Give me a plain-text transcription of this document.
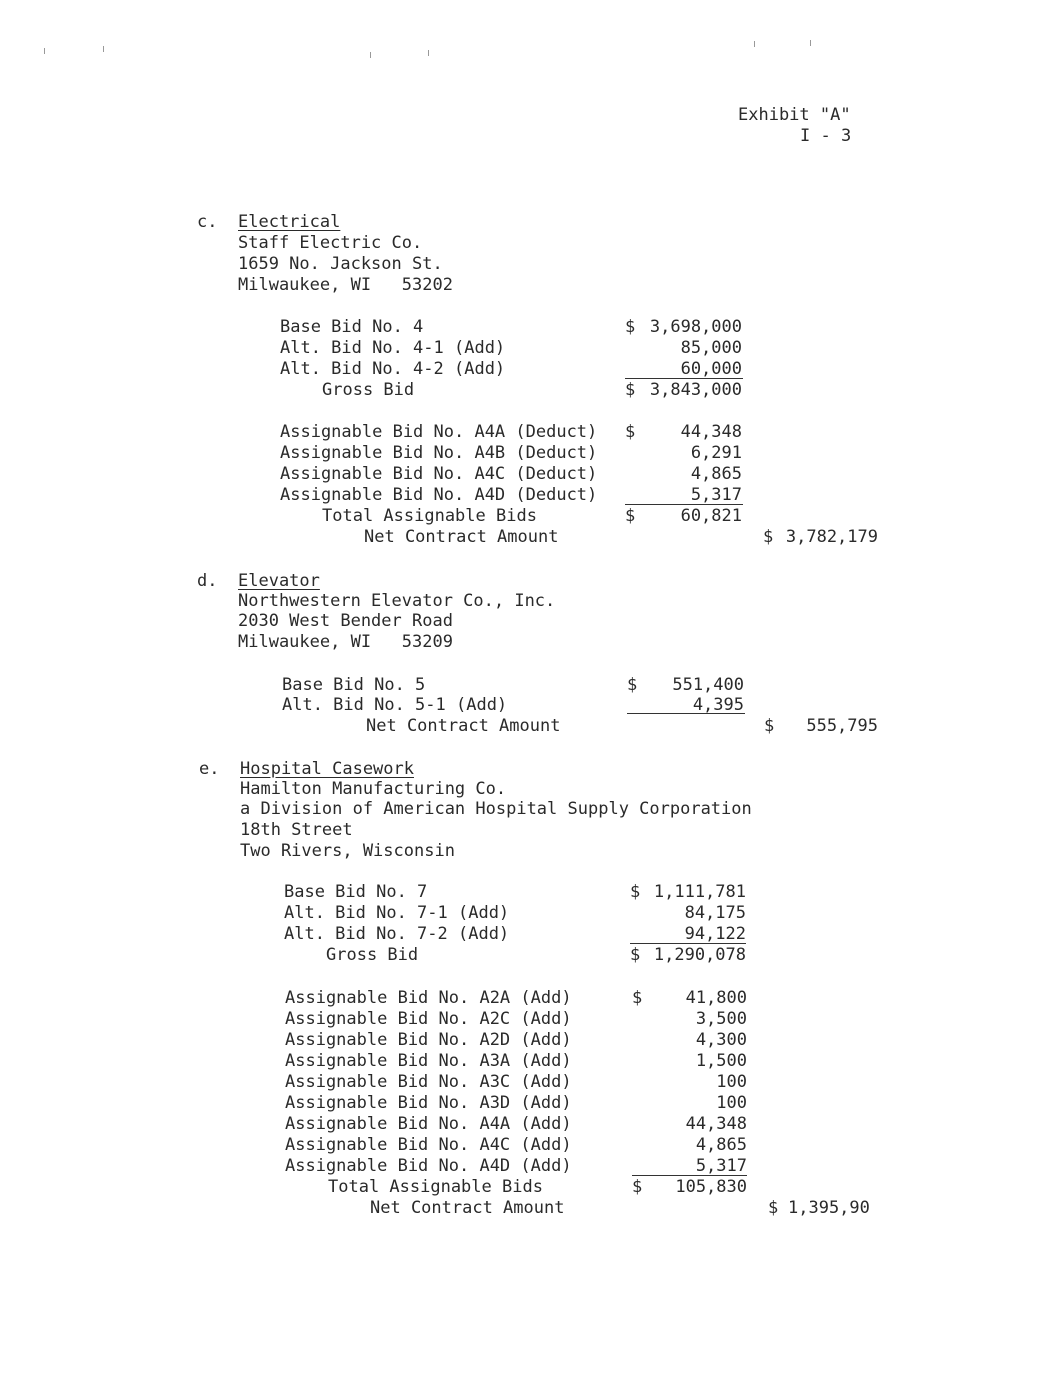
Exhibit "A"
I - 3
c. Electrical
Staff Electric Co.
1659 No. Jackson St.
Milwaukee, WI   53202
Base Bid No. 4	$ 3,698,000
Alt. Bid No. 4-1 (Add)	85,000
Alt. Bid No. 4-2 (Add)	60,000
Gross Bid	$ 3,843,000
Assignable Bid No. A4A (Deduct) $	44,348
Assignable Bid No. A4B (Deduct)	6,291
Assignable Bid No. A4C (Deduct)	4,865
Assignable Bid No. A4D (Deduct)	5,317
Total Assignable Bids	$	60,821
Net Contract Amount	$ 3,782,179
d. Elevator
Northwestern Elevator Co., Inc.
2030 West Bender Road
Milwaukee, WI   53209
Base Bid No. 5	$ 551,400
Alt. Bid No. 5-1 (Add)	4,395
Net Contract Amount	$ 555,795
e. Hospital Casework
Hamilton Manufacturing Co.
a Division of American Hospital Supply Corporation
18th Street
Two Rivers, Wisconsin
Base Bid No. 7	$ 1,111,781
Alt. Bid No. 7-1 (Add)	84,175
Alt. Bid No. 7-2 (Add)	94,122
Gross Bid	$ 1,290,078
Assignable Bid No. A2A (Add)	$	41,800
Assignable Bid No. A2C (Add)	3,500
Assignable Bid No. A2D (Add)	4,300
Assignable Bid No. A3A (Add)	1,500
Assignable Bid No. A3C (Add)	100
Assignable Bid No. A3D (Add)	100
Assignable Bid No. A4A (Add)	44,348
Assignable Bid No. A4C (Add)	4,865
Assignable Bid No. A4D (Add)	5,317
Total Assignable Bids	$ 105,830
Net Contract Amount	$ 1,395,90
